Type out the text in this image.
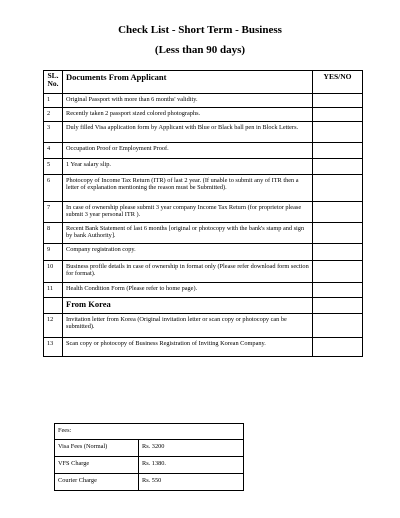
Check List - Short Term - Business
(Less than 90 days)
SL. No.	Documents From Applicant	YES/NO
1	Original Passport with more than 6 months' validity.	
2	Recently taken 2 passport sized colored photographs.	
3	Duly filled Visa application form by Applicant with Blue or Black ball pen in Block Letters.	
4	Occupation Proof or Employment Proof.	
5	1 Year salary slip.	
6	Photocopy of Income Tax Return (ITR) of last 2 year. (If unable to submit any of ITR then a letter of explanation mentioning the reason must be Submitted).	
7	In case of ownership please submit 3 year company Income Tax Return (for proprietor please submit 3 year personal ITR ).	
8	Recent Bank Statement of last 6 months [original or photocopy with the bank's stamp and sign by bank Authority].	
9	Company registration copy.	
10	Business profile details in case of ownership in format only (Please refer download form section for format).	
11	Health Condition Form (Please refer to home page).	
	From Korea	
12	Invitation letter from Korea (Original invitation letter or scan copy or photocopy can be submitted).	
13	Scan copy or photocopy of Business Registration of Inviting Korean Company.	
Fees:	
Visa Fees (Normal)	Rs. 3200
VFS Charge	Rs. 1380.
Courier Charge	Rs. 550
